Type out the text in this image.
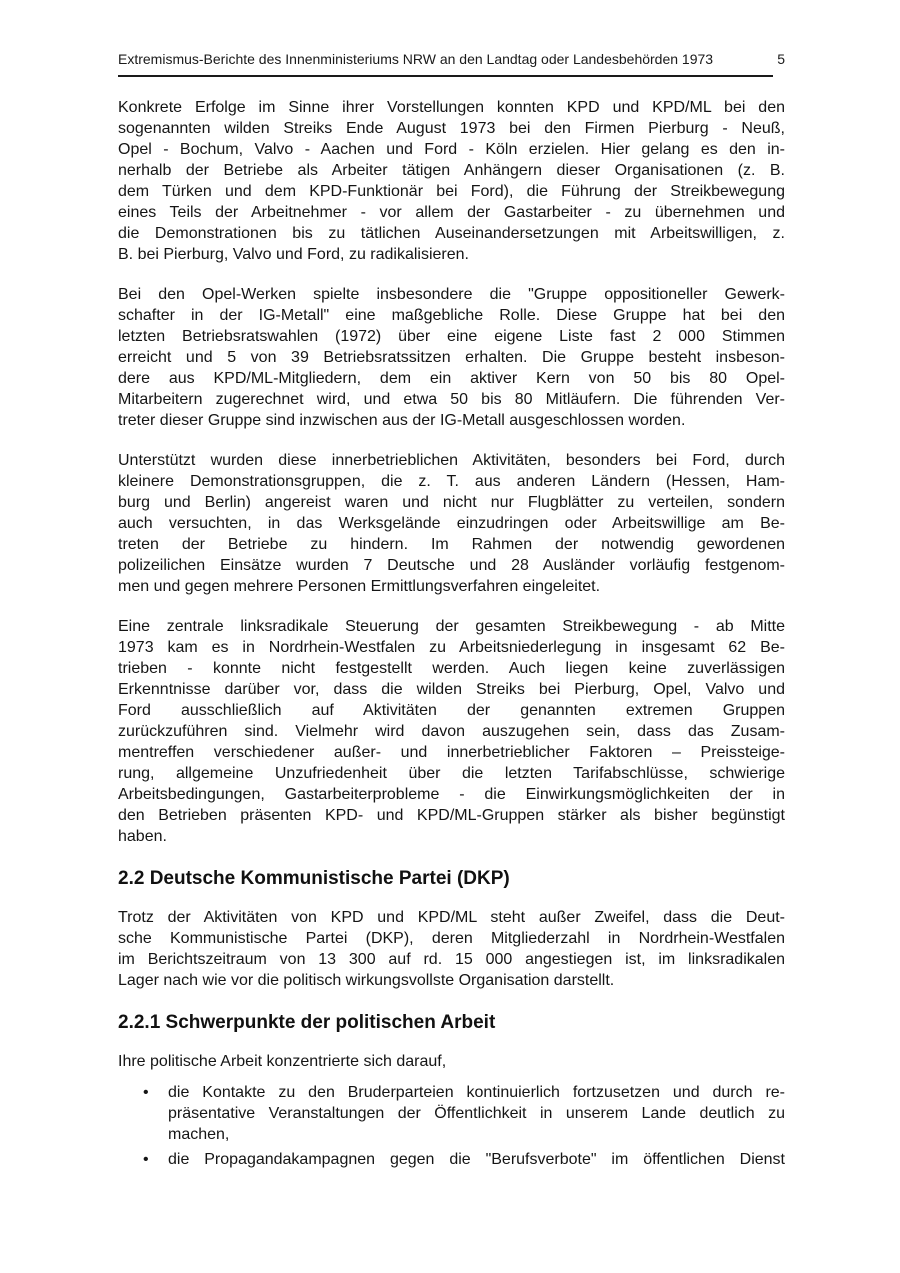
Extremismus-Berichte des Innenministeriums NRW an den Landtag oder Landesbehörden 1973	5
Konkrete Erfolge im Sinne ihrer Vorstellungen konnten KPD und KPD/ML bei den
sogenannten wilden Streiks Ende August 1973 bei den Firmen Pierburg - Neuß,
Opel - Bochum, Valvo - Aachen und Ford - Köln erzielen. Hier gelang es den in-
nerhalb der Betriebe als Arbeiter tätigen Anhängern dieser Organisationen (z. B.
dem Türken und dem KPD-Funktionär bei Ford), die Führung der Streikbewegung
eines Teils der Arbeitnehmer - vor allem der Gastarbeiter - zu übernehmen und
die Demonstrationen bis zu tätlichen Auseinandersetzungen mit Arbeitswilligen, z.
B. bei Pierburg, Valvo und Ford, zu radikalisieren.
Bei den Opel-Werken spielte insbesondere die "Gruppe oppositioneller Gewerk-
schafter in der IG-Metall" eine maßgebliche Rolle. Diese Gruppe hat bei den
letzten Betriebsratswahlen (1972) über eine eigene Liste fast 2 000 Stimmen
erreicht und 5 von 39 Betriebsratssitzen erhalten. Die Gruppe besteht insbeson-
dere aus KPD/ML-Mitgliedern, dem ein aktiver Kern von 50 bis 80 Opel-
Mitarbeitern zugerechnet wird, und etwa 50 bis 80 Mitläufern. Die führenden Ver-
treter dieser Gruppe sind inzwischen aus der IG-Metall ausgeschlossen worden.
Unterstützt wurden diese innerbetrieblichen Aktivitäten, besonders bei Ford, durch
kleinere Demonstrationsgruppen, die z. T. aus anderen Ländern (Hessen, Ham-
burg und Berlin) angereist waren und nicht nur Flugblätter zu verteilen, sondern
auch versuchten, in das Werksgelände einzudringen oder Arbeitswillige am Be-
treten der Betriebe zu hindern. Im Rahmen der notwendig gewordenen
polizeilichen Einsätze wurden 7 Deutsche und 28 Ausländer vorläufig festgenom-
men und gegen mehrere Personen Ermittlungsverfahren eingeleitet.
Eine zentrale linksradikale Steuerung der gesamten Streikbewegung - ab Mitte
1973 kam es in Nordrhein-Westfalen zu Arbeitsniederlegung in insgesamt 62 Be-
trieben - konnte nicht festgestellt werden. Auch liegen keine zuverlässigen
Erkenntnisse darüber vor, dass die wilden Streiks bei Pierburg, Opel, Valvo und
Ford ausschließlich auf Aktivitäten der genannten extremen Gruppen
zurückzuführen sind. Vielmehr wird davon auszugehen sein, dass das Zusam-
mentreffen verschiedener außer- und innerbetrieblicher Faktoren – Preissteige-
rung, allgemeine Unzufriedenheit über die letzten Tarifabschlüsse, schwierige
Arbeitsbedingungen, Gastarbeiterprobleme - die Einwirkungsmöglichkeiten der in
den Betrieben präsenten KPD- und KPD/ML-Gruppen stärker als bisher begünstigt
haben.
2.2 Deutsche Kommunistische Partei (DKP)
Trotz der Aktivitäten von KPD und KPD/ML steht außer Zweifel, dass die Deut-
sche Kommunistische Partei (DKP), deren Mitgliederzahl in Nordrhein-Westfalen
im Berichtszeitraum von 13 300 auf rd. 15 000 angestiegen ist, im linksradikalen
Lager nach wie vor die politisch wirkungsvollste Organisation darstellt.
2.2.1 Schwerpunkte der politischen Arbeit
Ihre politische Arbeit konzentrierte sich darauf,
•	die Kontakte zu den Bruderparteien kontinuierlich fortzusetzen und durch re-
präsentative Veranstaltungen der Öffentlichkeit in unserem Lande deutlich zu
machen,
•	die Propagandakampagnen gegen die "Berufsverbote" im öffentlichen Dienst
